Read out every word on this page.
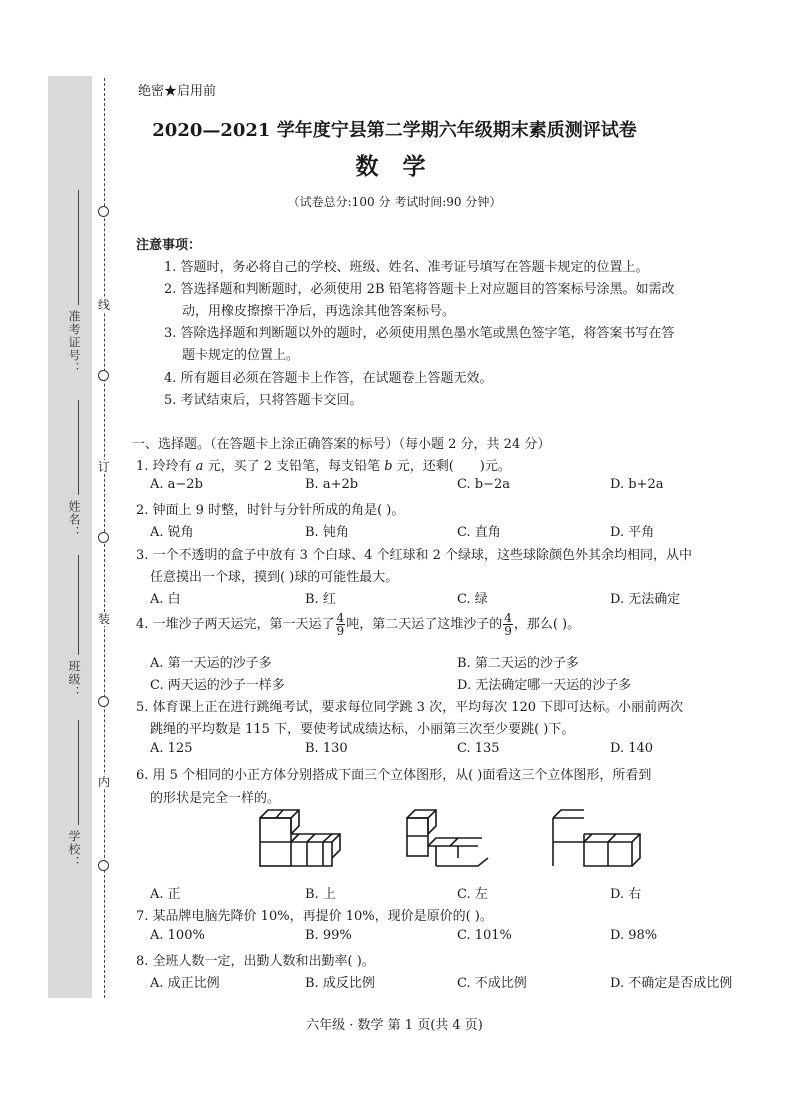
准考证号：
姓名：
班级：
学校：
线
订
装
内
绝密★启用前
2020—2021 学年度宁县第二学期六年级期末素质测评试卷
数 学
（试卷总分:100 分 考试时间:90 分钟）
注意事项：
1. 答题时，务必将自己的学校、班级、姓名、准考证号填写在答题卡规定的位置上。
2. 答选择题和判断题时，必须使用 2B 铅笔将答题卡上对应题目的答案标号涂黑。如需改
动，用橡皮擦擦干净后，再选涂其他答案标号。
3. 答除选择题和判断题以外的题时，必须使用黑色墨水笔或黑色签字笔，将答案书写在答
题卡规定的位置上。
4. 所有题目必须在答题卡上作答，在试题卷上答题无效。
5. 考试结束后，只将答题卡交回。
一、选择题。（在答题卡上涂正确答案的标号）（每小题 2 分，共 24 分）
1. 玲玲有 a 元，买了 2 支铅笔，每支铅笔 b 元，还剩( )元。
A. a−2b	B. a+2b	C. b−2a	D. b+2a
2. 钟面上 9 时整，时针与分针所成的角是( )。
A. 锐角	B. 钝角	C. 直角	D. 平角
3. 一个不透明的盒子中放有 3 个白球、4 个红球和 2 个绿球，这些球除颜色外其余均相同，从中
任意摸出一个球，摸到( )球的可能性最大。
A. 白	B. 红	C. 绿	D. 无法确定
4. 一堆沙子两天运完，第一天运了 $\frac{4}{9}$ 吨，第二天运了这堆沙子的 $\frac{4}{9}$ ，那么( )。
A. 第一天运的沙子多	B. 第二天运的沙子多
C. 两天运的沙子一样多	D. 无法确定哪一天运的沙子多
5. 体育课上正在进行跳绳考试，要求每位同学跳 3 次，平均每次 120 下即可达标。小丽前两次
跳绳的平均数是 115 下，要使考试成绩达标，小丽第三次至少要跳( )下。
A. 125	B. 130	C. 135	D. 140
6. 用 5 个相同的小正方体分别搭成下面三个立体图形，从( )面看这三个立体图形，所看到
的形状是完全一样的。
A. 正	B. 上	C. 左	D. 右
7. 某品牌电脑先降价 10%，再提价 10%，现价是原价的( )。
A. 100%	B. 99%	C. 101%	D. 98%
8. 全班人数一定，出勤人数和出勤率( )。
A. 成正比例	B. 成反比例	C. 不成比例	D. 不确定是否成比例
六年级 · 数学 第 1 页(共 4 页)
